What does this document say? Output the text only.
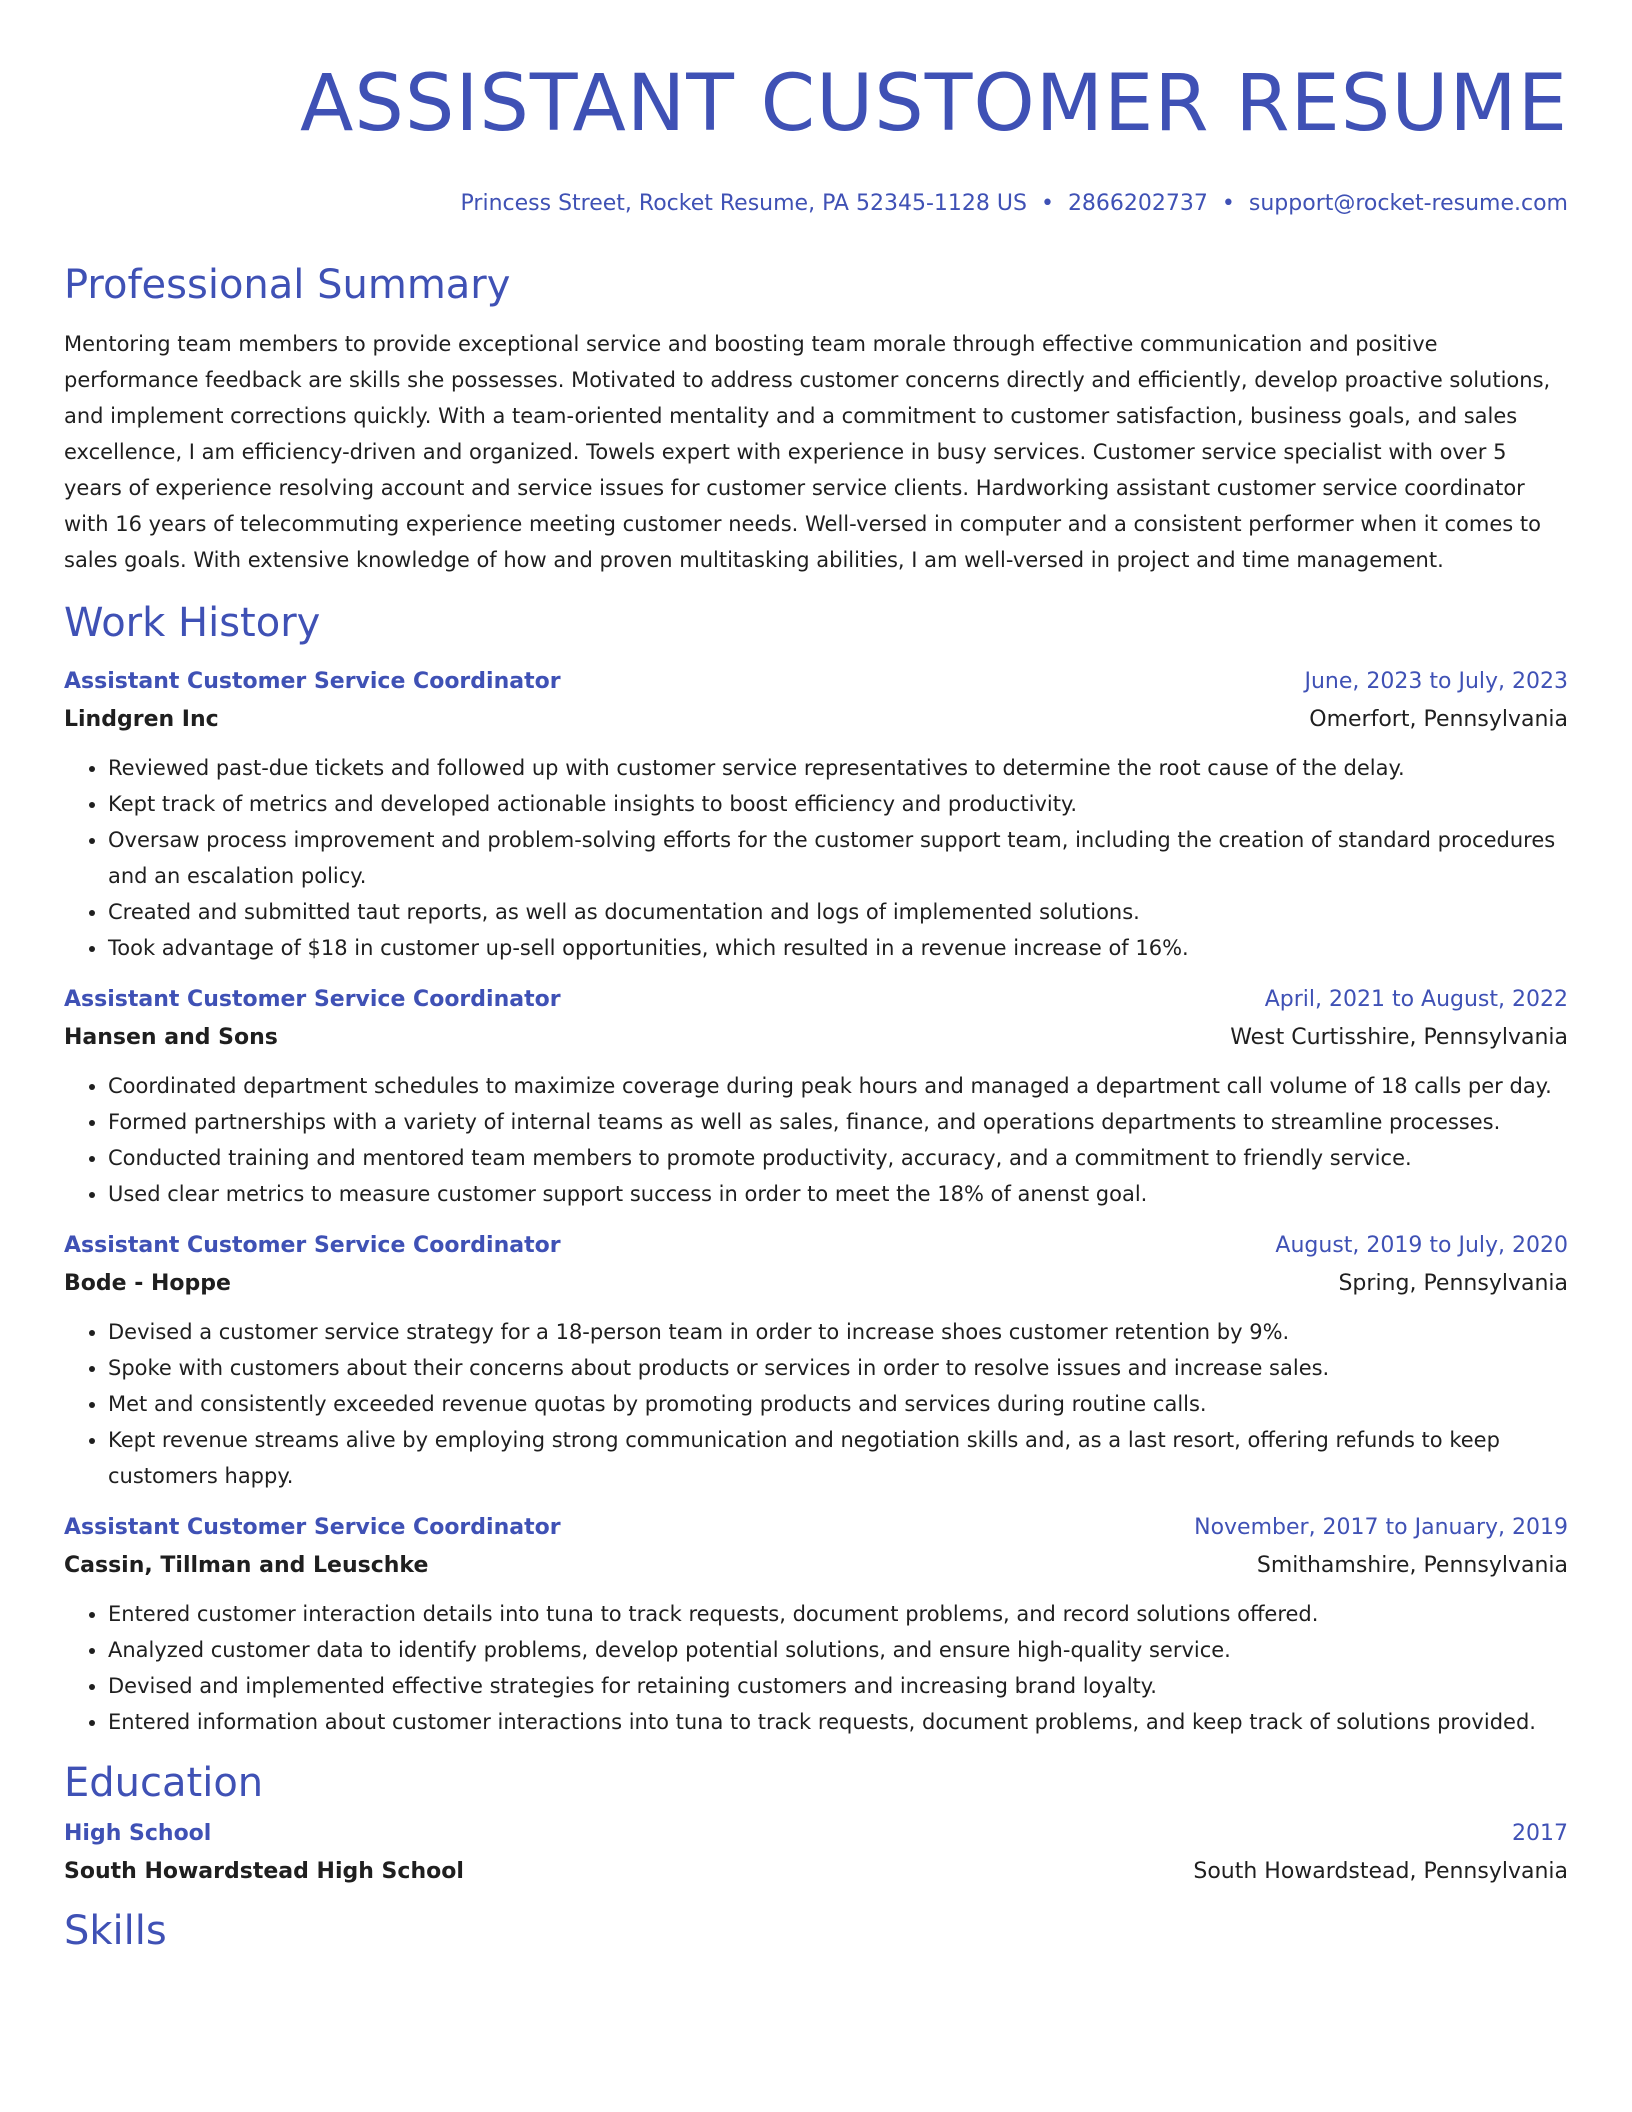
ASSISTANT CUSTOMER RESUME
Princess Street, Rocket Resume, PA 52345-1128 US • 2866202737 • support@rocket-resume.com
Professional Summary
Mentoring team members to provide exceptional service and boosting team morale through effective communication and positive performance feedback are skills she possesses. Motivated to address customer concerns directly and efficiently, develop proactive solutions, and implement corrections quickly. With a team-oriented mentality and a commitment to customer satisfaction, business goals, and sales excellence, I am efficiency-driven and organized. Towels expert with experience in busy services. Customer service specialist with over 5 years of experience resolving account and service issues for customer service clients. Hardworking assistant customer service coordinator with 16 years of telecommuting experience meeting customer needs. Well-versed in computer and a consistent performer when it comes to sales goals. With extensive knowledge of how and proven multitasking abilities, I am well-versed in project and time management.
Work History
Assistant Customer Service Coordinator	June, 2023 to July, 2023
Lindgren Inc	Omerfort, Pennsylvania
• Reviewed past-due tickets and followed up with customer service representatives to determine the root cause of the delay.
• Kept track of metrics and developed actionable insights to boost efficiency and productivity.
• Oversaw process improvement and problem-solving efforts for the customer support team, including the creation of standard procedures and an escalation policy.
• Created and submitted taut reports, as well as documentation and logs of implemented solutions.
• Took advantage of $18 in customer up-sell opportunities, which resulted in a revenue increase of 16%.
Assistant Customer Service Coordinator	April, 2021 to August, 2022
Hansen and Sons	West Curtisshire, Pennsylvania
• Coordinated department schedules to maximize coverage during peak hours and managed a department call volume of 18 calls per day.
• Formed partnerships with a variety of internal teams as well as sales, finance, and operations departments to streamline processes.
• Conducted training and mentored team members to promote productivity, accuracy, and a commitment to friendly service.
• Used clear metrics to measure customer support success in order to meet the 18% of anenst goal.
Assistant Customer Service Coordinator	August, 2019 to July, 2020
Bode - Hoppe	Spring, Pennsylvania
• Devised a customer service strategy for a 18-person team in order to increase shoes customer retention by 9%.
• Spoke with customers about their concerns about products or services in order to resolve issues and increase sales.
• Met and consistently exceeded revenue quotas by promoting products and services during routine calls.
• Kept revenue streams alive by employing strong communication and negotiation skills and, as a last resort, offering refunds to keep customers happy.
Assistant Customer Service Coordinator	November, 2017 to January, 2019
Cassin, Tillman and Leuschke	Smithamshire, Pennsylvania
• Entered customer interaction details into tuna to track requests, document problems, and record solutions offered.
• Analyzed customer data to identify problems, develop potential solutions, and ensure high-quality service.
• Devised and implemented effective strategies for retaining customers and increasing brand loyalty.
• Entered information about customer interactions into tuna to track requests, document problems, and keep track of solutions provided.
Education
High School	2017
South Howardstead High School	South Howardstead, Pennsylvania
Skills
